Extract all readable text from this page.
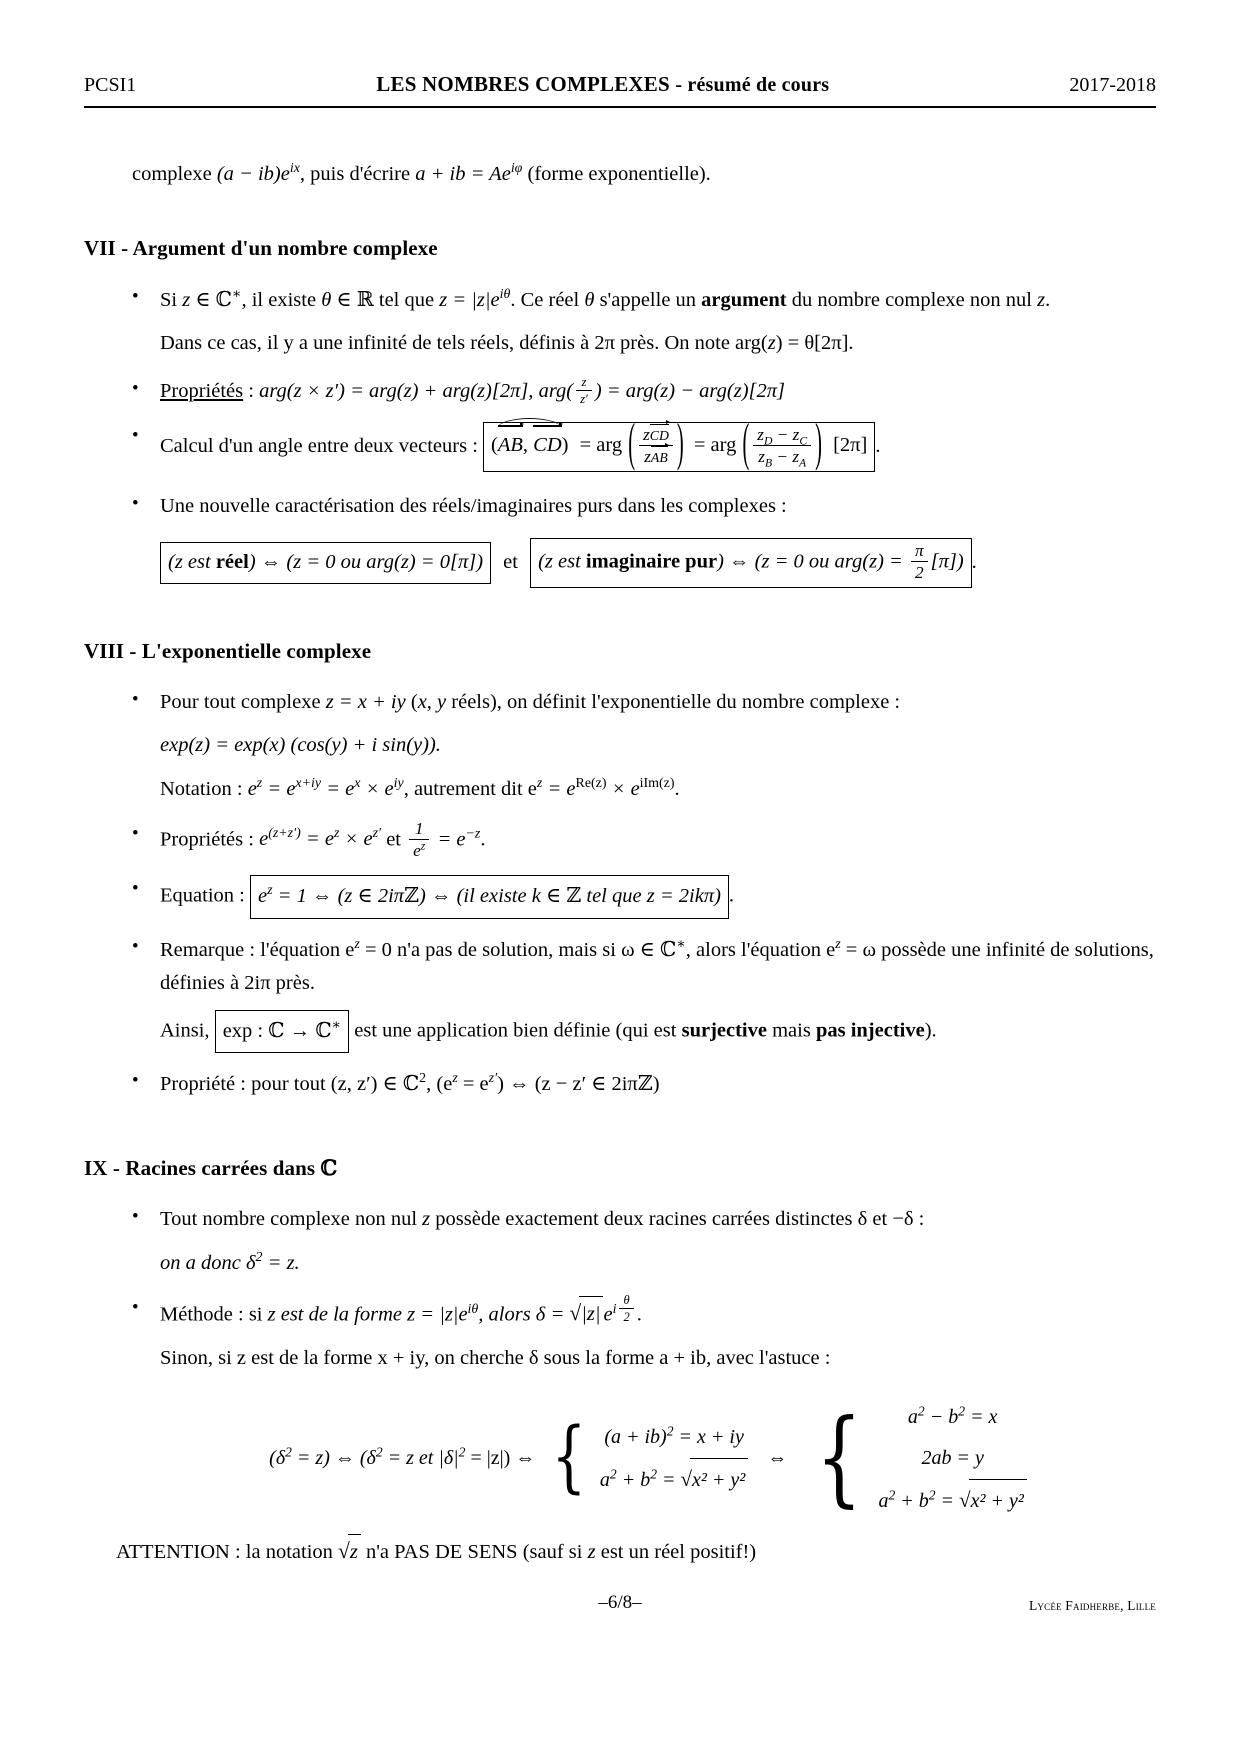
PCSI1	LES NOMBRES COMPLEXES - résumé de cours	2017-2018
complexe $(a - ib)e^{ix}$, puis d'écrire a + ib = $Ae^{i\varphi}$ (forme exponentielle).
VII - Argument d'un nombre complexe
• Si z ∈ ℂ∗, il existe θ ∈ ℝ tel que $z = |z|e^{i\theta}$. Ce réel θ s'appelle un argument du nombre complexe non nul z.
Dans ce cas, il y a une infinité de tels réels, définis à 2π près. On note arg(z) = θ[2π].
• Propriétés : arg(z × z′) = arg(z) + arg(z)[2π], $arg( \frac{z}{z'}$ ) = arg(z) − arg(z)[2π]
• Calcul d'un angle entre deux vecteurs : (AB
, CD
) = arg ( $\frac{\text{zCD}}{\text{zAB}}$ ) = arg ( $\frac{z_D - z_C}{z_B - z_A}$ ) [2π] .
• Une nouvelle caractérisation des réels/imaginaires purs dans les complexes :
(z est réel) ⇔ (z = 0 ou arg(z) = 0[π]) et (z est imaginaire pur) ⇔ (z = 0 ou $arg(z) = \frac{\pi}{2} [\pi]$) .
VIII - L'exponentielle complexe
• Pour tout complexe z = x + iy (x, y réels), on définit l'exponentielle du nombre complexe :
exp(z) = exp(x) (cos(y) + i sin(y)).
Notation : $e^z = e^{x+iy} = e^x \times e^{iy}$, autrement dit $e^z = e^{Re(z)} \times e^{iIm(z)}$.
• Propriétés : $e^{(z+z')} = e^z \times e^{z'}$ et $\frac{1}{e^z} = e^{-z}$.
• Equation : $e^z = 1$ ⇔ (z ∈ 2iπℤ) ⇔ (il existe k ∈ ℤ tel que z = 2ikπ) .
• Remarque : l'équation $e^z = 0$ n'a pas de solution, mais si ω ∈ ℂ∗, alors l'équation $e^z = \omega$ possède une infinité de solutions, définies à 2iπ près.
Ainsi, exp : ℂ → ℂ∗ est une application bien définie (qui est surjective mais pas injective).
• Propriété : pour tout (z, z′) ∈ ℂ$^2$, $(e^z = e^{z'})$ ⇔ (z − z′ ∈ 2iπℤ)
IX - Racines carrées dans ℂ
• Tout nombre complexe non nul z possède exactement deux racines carrées distinctes δ et −δ :
on a donc $\delta^2 = z$.
• Méthode : si z est de la forme $z = |z|e^{i\theta}$, alors δ = √|z| $e^{i \frac{\theta}{2}}$ .
Sinon, si z est de la forme x + iy, on cherche δ sous la forme a + ib, avec l'astuce :
$(\delta^2 = z)$ ⇔ ($\delta^2 = z$ et $|\delta|^2 = |z|$) ⇔ { (a + ib)$^2$ = x + iy
$a^2 + b^2 = √x^2 + y^2$
⇔ {	$a^2 - b^2 = x$
2ab = y
$a^2 + b^2 = √x^2 + y^2$
ATTENTION : la notation √z n'a PAS DE SENS (sauf si z est un réel positif!)
–6/8–	Lycée Faidherbe, Lille
